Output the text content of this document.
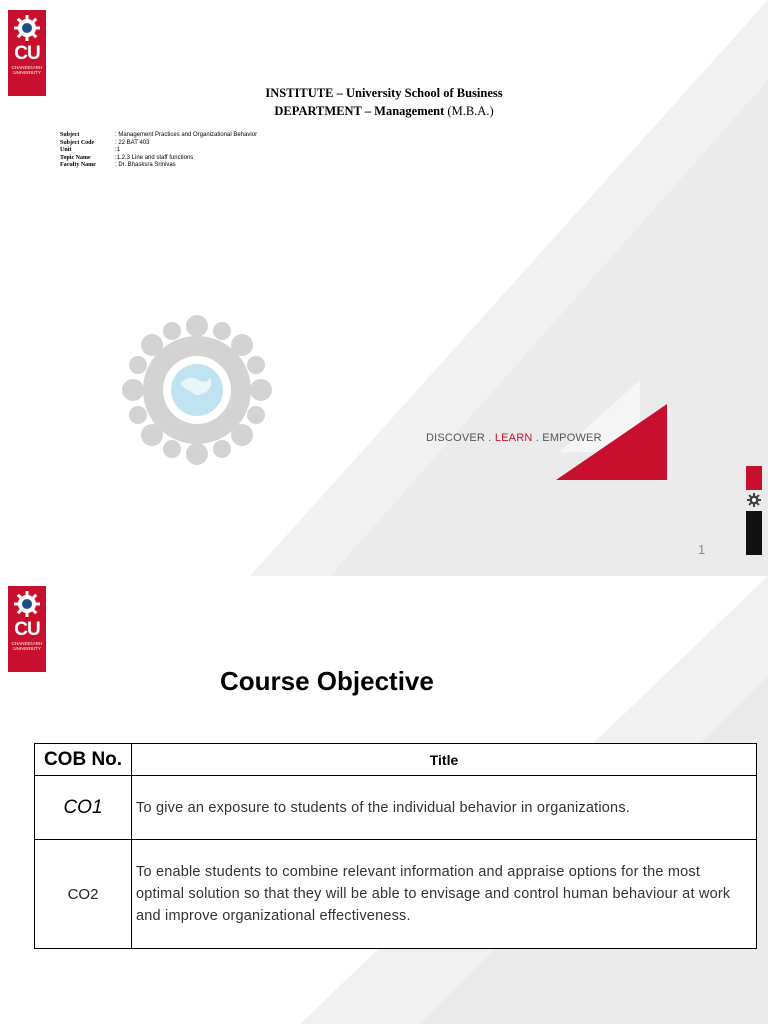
CU
CHANDIGARH
UNIVERSITY
INSTITUTE – University School of Business
DEPARTMENT – Management (M.B.A.)
Subject	: Management Practices and Organizational Behavior
Subject Code	: 22 BAT 403
Unit	:1
Topic Name	:1.2.3 Line and staff functions
Faculty Name	: Dr. Bhasksra Srinivas
DISCOVER . LEARN . EMPOWER
1
CU
CHANDIGARH
UNIVERSITY
Course Objective
COB No.	Title
CO1	To give an exposure to students of the individual behavior in organizations.
CO2	To enable students to combine relevant information and appraise options for the most optimal solution so that they will be able to envisage and control human behaviour at work and improve organizational effectiveness.
